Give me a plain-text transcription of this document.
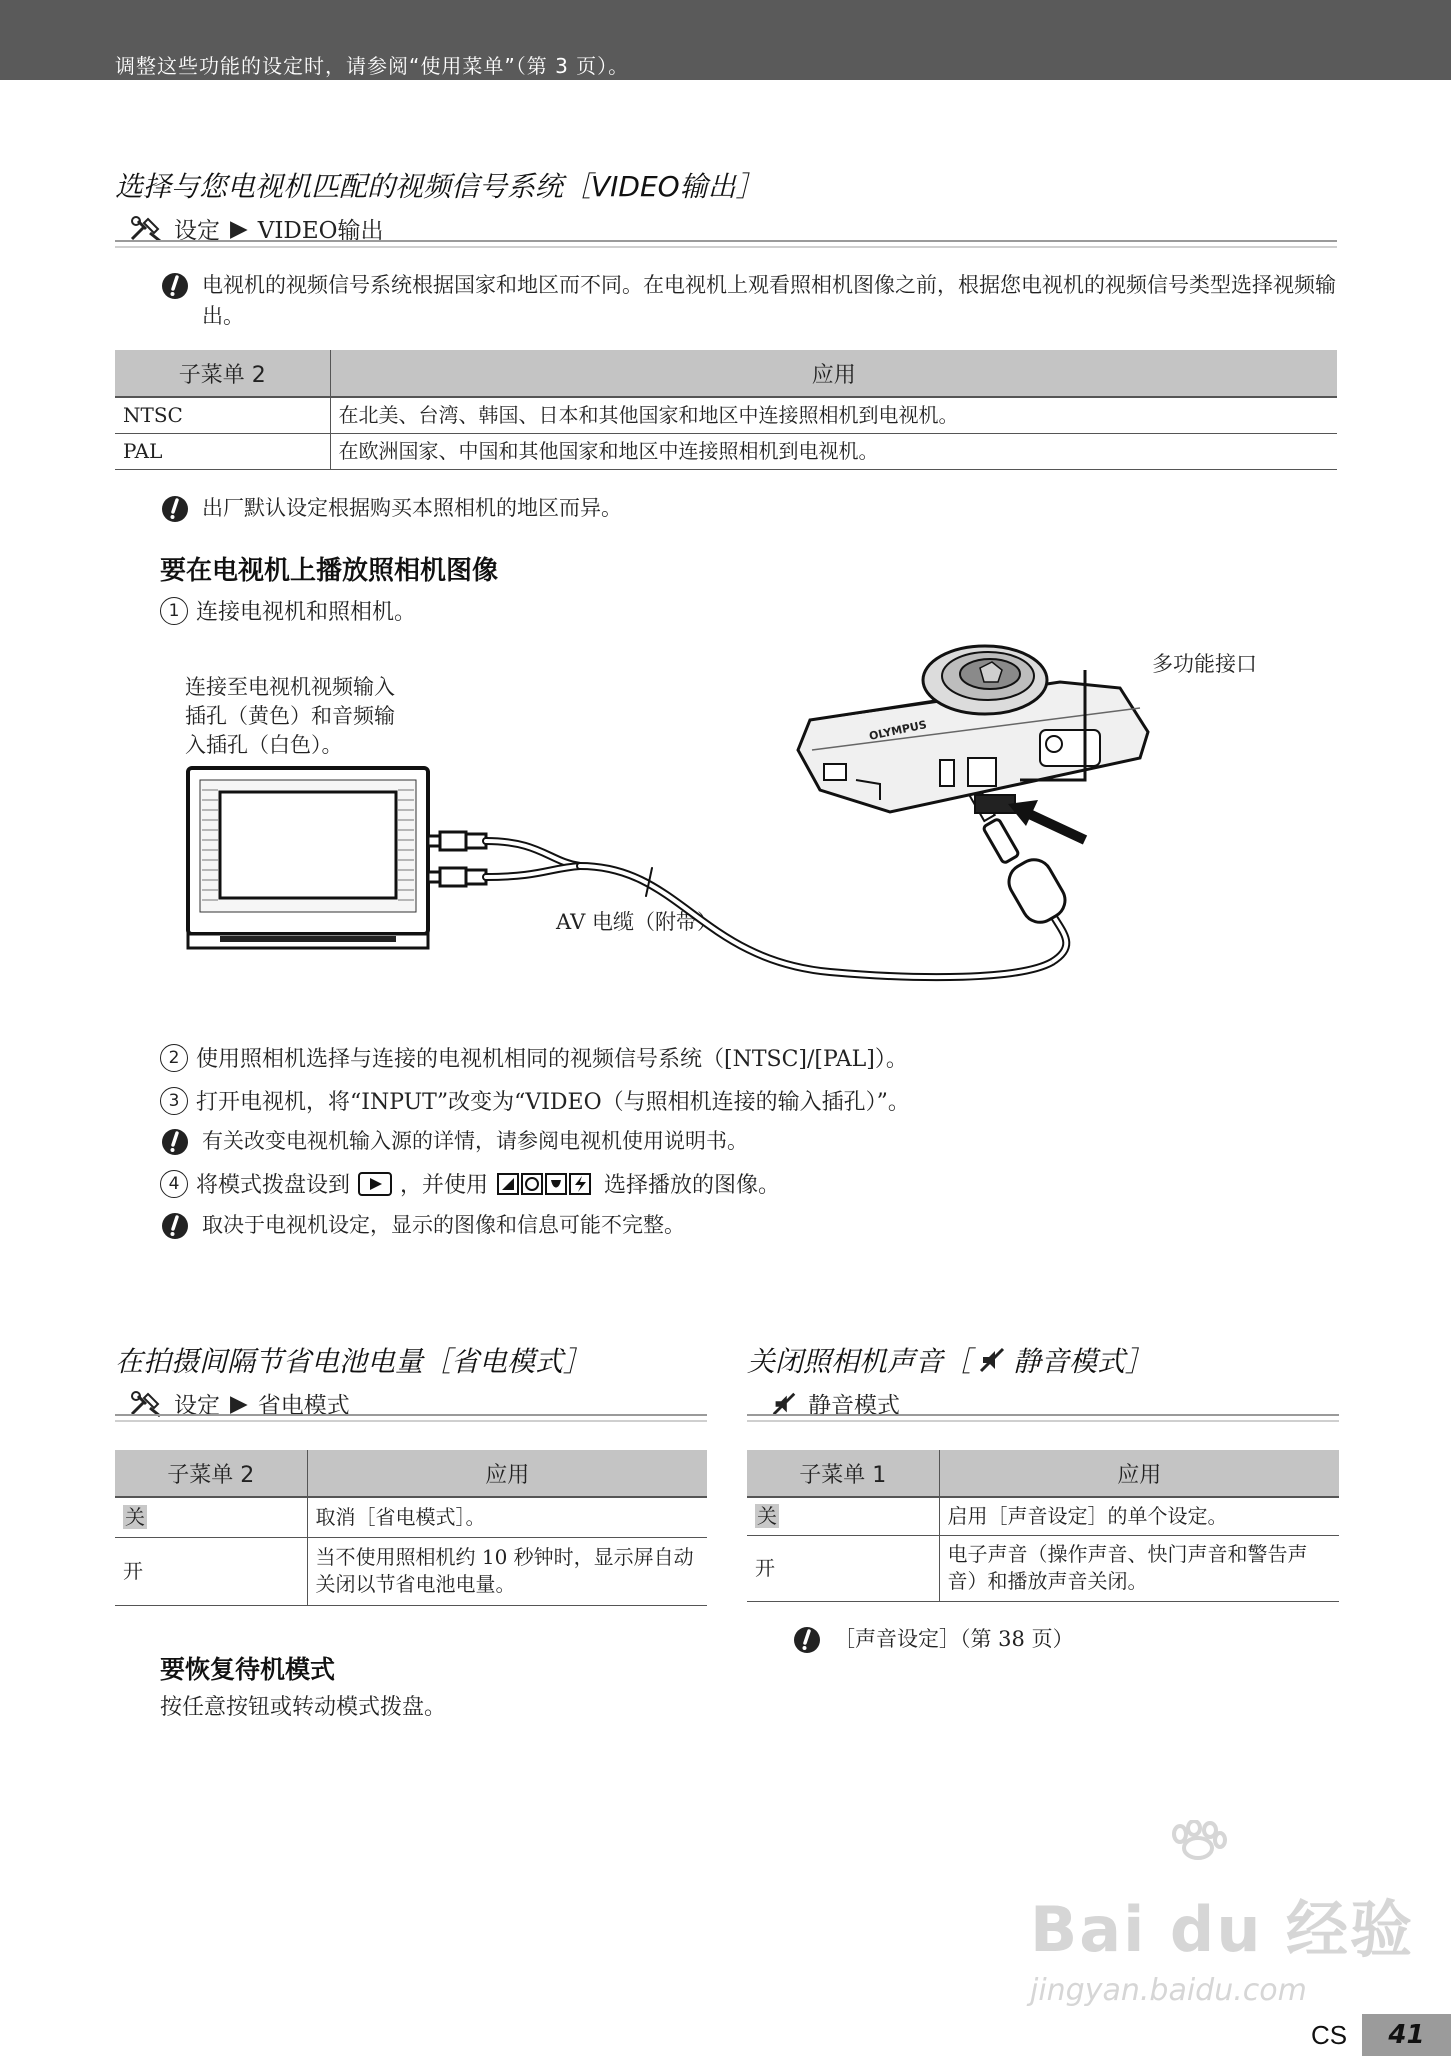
调整这些功能的设定时，请参阅“使用菜单”（第 3 页）。
选择与您电视机匹配的视频信号系统［VIDEO输出］
设定 ▶ VIDEO输出
电视机的视频信号系统根据国家和地区而不同。在电视机上观看照相机图像之前，根据您电视机的视频信号类型选择视频输出。
子菜单 2	应用
NTSC	在北美、台湾、韩国、日本和其他国家和地区中连接照相机到电视机。
PAL	在欧洲国家、中国和其他国家和地区中连接照相机到电视机。
出厂默认设定根据购买本照相机的地区而异。
要在电视机上播放照相机图像
1 连接电视机和照相机。
连接至电视机视频输入
插孔（黄色）和音频输
入插孔（白色）。
多功能接口
AV 电缆（附带）
OLYMPUS
2 使用照相机选择与连接的电视机相同的视频信号系统（[NTSC]/[PAL]）。
3 打开电视机，将“INPUT”改变为“VIDEO（与照相机连接的输入插孔）”。
有关改变电视机输入源的详情，请参阅电视机使用说明书。
4 将模式拨盘设到 ，并使用	选择播放的图像。
取决于电视机设定，显示的图像和信息可能不完整。
在拍摄间隔节省电池电量［省电模式］
设定 ▶ 省电模式
子菜单 2	应用
关	取消［省电模式］。
开	当不使用照相机约 10 秒钟时，显示屏自动关闭以节省电池电量。
要恢复待机模式
按任意按钮或转动模式拨盘。
关闭照相机声音［ 静音模式］
静音模式
子菜单 1	应用
关	启用［声音设定］的单个设定。
开	电子声音（操作声音、快门声音和警告声音）和播放声音关闭。
［声音设定］（第 38 页）
Bai du 经验
jingyan.baidu.com
CS	41
